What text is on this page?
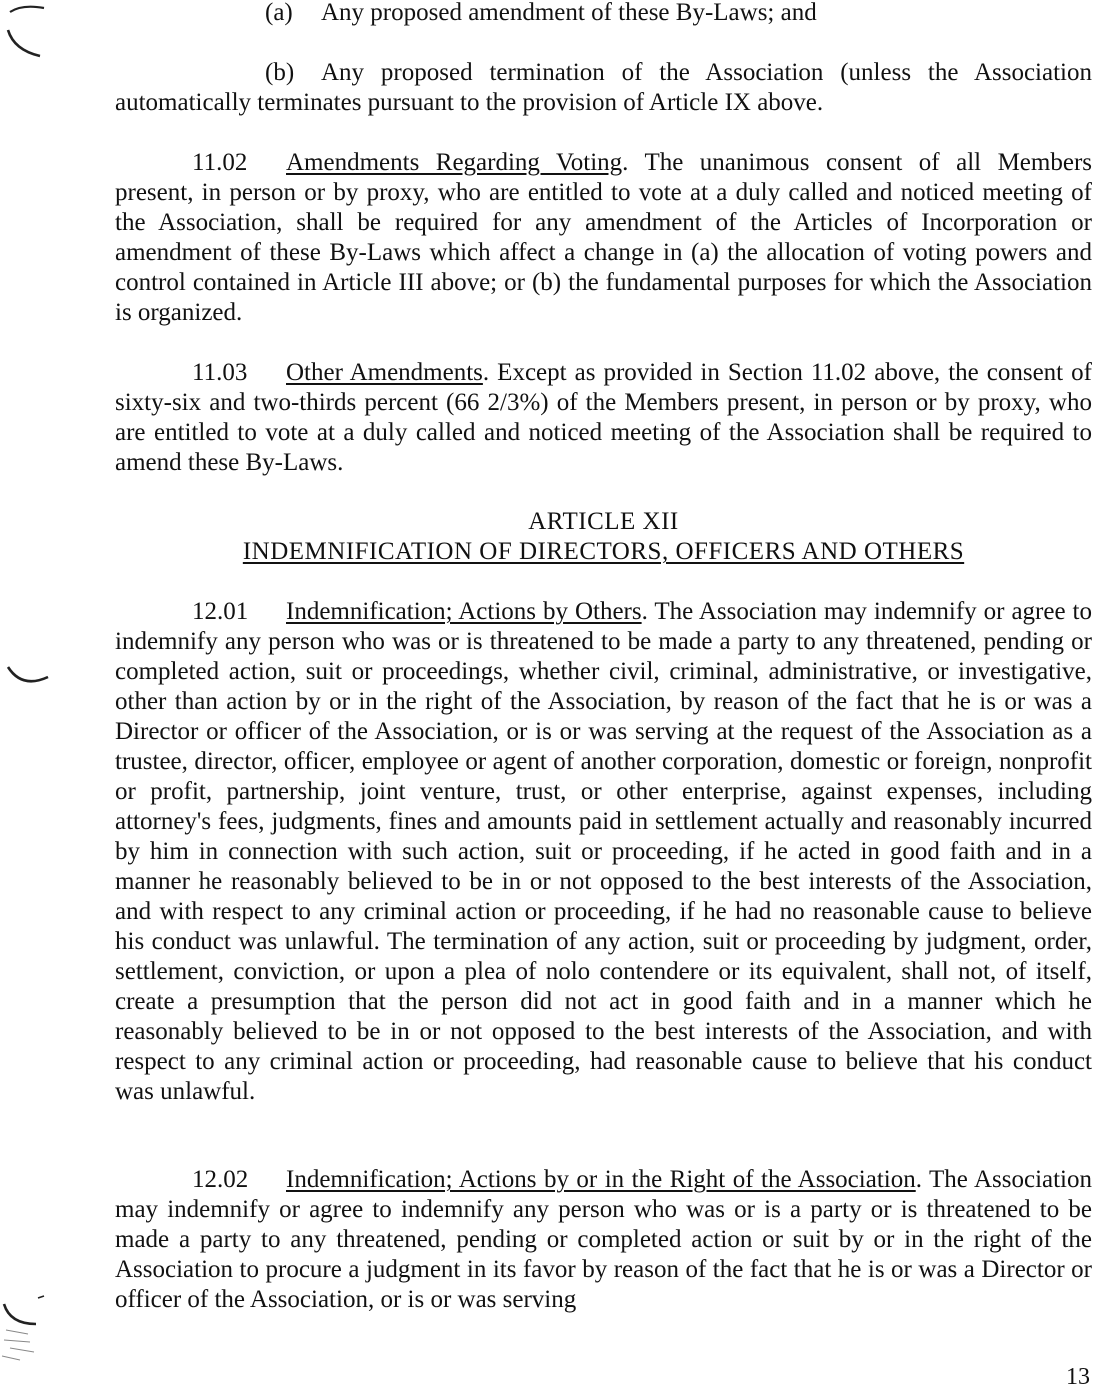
(a) Any proposed amendment of these By-Laws; and
(b) Any proposed termination of the Association (unless the Association
automatically terminates pursuant to the provision of Article IX above.
11.02 Amendments Regarding Voting. The unanimous consent of all Members present, in person or by proxy, who are entitled to vote at a duly called and noticed meeting of the Association, shall be required for any amendment of the Articles of Incorporation or amendment of these By-Laws which affect a change in (a) the allocation of voting powers and control contained in Article III above; or (b) the fundamental purposes for which the Association is organized.
11.03 Other Amendments. Except as provided in Section 11.02 above, the consent of sixty-six and two-thirds percent (66 2/3%) of the Members present, in person or by proxy, who are entitled to vote at a duly called and noticed meeting of the Association shall be required to amend these By-Laws.
ARTICLE XII
INDEMNIFICATION OF DIRECTORS, OFFICERS AND OTHERS
12.01 Indemnification; Actions by Others. The Association may indemnify or agree to indemnify any person who was or is threatened to be made a party to any threatened, pending or completed action, suit or proceedings, whether civil, criminal, administrative, or investigative, other than action by or in the right of the Association, by reason of the fact that he is or was a Director or officer of the Association, or is or was serving at the request of the Association as a trustee, director, officer, employee or agent of another corporation, domestic or foreign, nonprofit or profit, partnership, joint venture, trust, or other enterprise, against expenses, including attorney's fees, judgments, fines and amounts paid in settlement actually and reasonably incurred by him in connection with such action, suit or proceeding, if he acted in good faith and in a manner he reasonably believed to be in or not opposed to the best interests of the Association, and with respect to any criminal action or proceeding, if he had no reasonable cause to believe his conduct was unlawful. The termination of any action, suit or proceeding by judgment, order, settlement, conviction, or upon a plea of nolo contendere or its equivalent, shall not, of itself, create a presumption that the person did not act in good faith and in a manner which he reasonably believed to be in or not opposed to the best interests of the Association, and with respect to any criminal action or proceeding, had reasonable cause to believe that his conduct was unlawful.
12.02 Indemnification; Actions by or in the Right of the Association. The Association may indemnify or agree to indemnify any person who was or is a party or is threatened to be made a party to any threatened, pending or completed action or suit by or in the right of the Association to procure a judgment in its favor by reason of the fact that he is or was a Director or officer of the Association, or is or was serving
13
